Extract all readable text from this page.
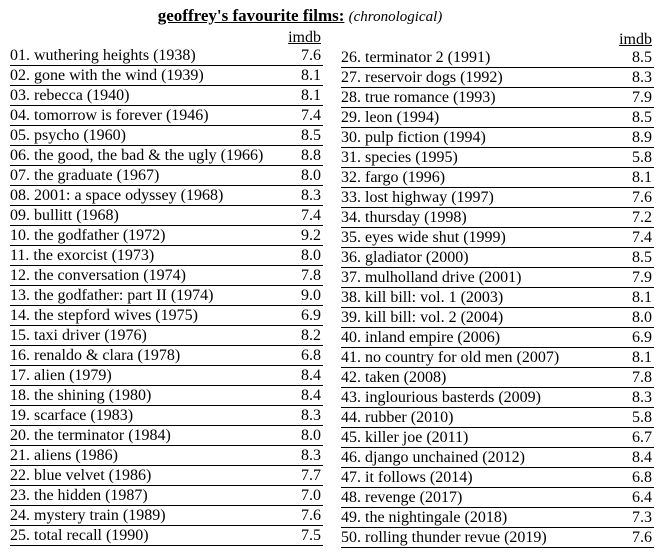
geoffrey's favourite films: (chronological)
imdb
01. wuthering heights (1938)	7.6
02. gone with the wind (1939)	8.1
03. rebecca (1940)	8.1
04. tomorrow is forever (1946)	7.4
05. psycho (1960)	8.5
06. the good, the bad & the ugly (1966) 8.8
07. the graduate (1967)	8.0
08. 2001: a space odyssey (1968)	8.3
09. bullitt (1968)	7.4
10. the godfather (1972)	9.2
11. the exorcist (1973)	8.0
12. the conversation (1974)	7.8
13. the godfather: part II (1974)	9.0
14. the stepford wives (1975)	6.9
15. taxi driver (1976)	8.2
16. renaldo & clara (1978)	6.8
17. alien (1979)	8.4
18. the shining (1980)	8.4
19. scarface (1983)	8.3
20. the terminator (1984)	8.0
21. aliens (1986)	8.3
22. blue velvet (1986)	7.7
23. the hidden (1987)	7.0
24. mystery train (1989)	7.6
25. total recall (1990)	7.5
imdb
26. terminator 2 (1991)	8.5
27. reservoir dogs (1992)	8.3
28. true romance (1993)	7.9
29. leon (1994)	8.5
30. pulp fiction (1994)	8.9
31. species (1995)	5.8
32. fargo (1996)	8.1
33. lost highway (1997)	7.6
34. thursday (1998)	7.2
35. eyes wide shut (1999)	7.4
36. gladiator (2000)	8.5
37. mulholland drive (2001)	7.9
38. kill bill: vol. 1 (2003)	8.1
39. kill bill: vol. 2 (2004)	8.0
40. inland empire (2006)	6.9
41. no country for old men (2007)	8.1
42. taken (2008)	7.8
43. inglourious basterds (2009)	8.3
44. rubber (2010)	5.8
45. killer joe (2011)	6.7
46. django unchained (2012)	8.4
47. it follows (2014)	6.8
48. revenge (2017)	6.4
49. the nightingale (2018)	7.3
50. rolling thunder revue (2019)	7.6
